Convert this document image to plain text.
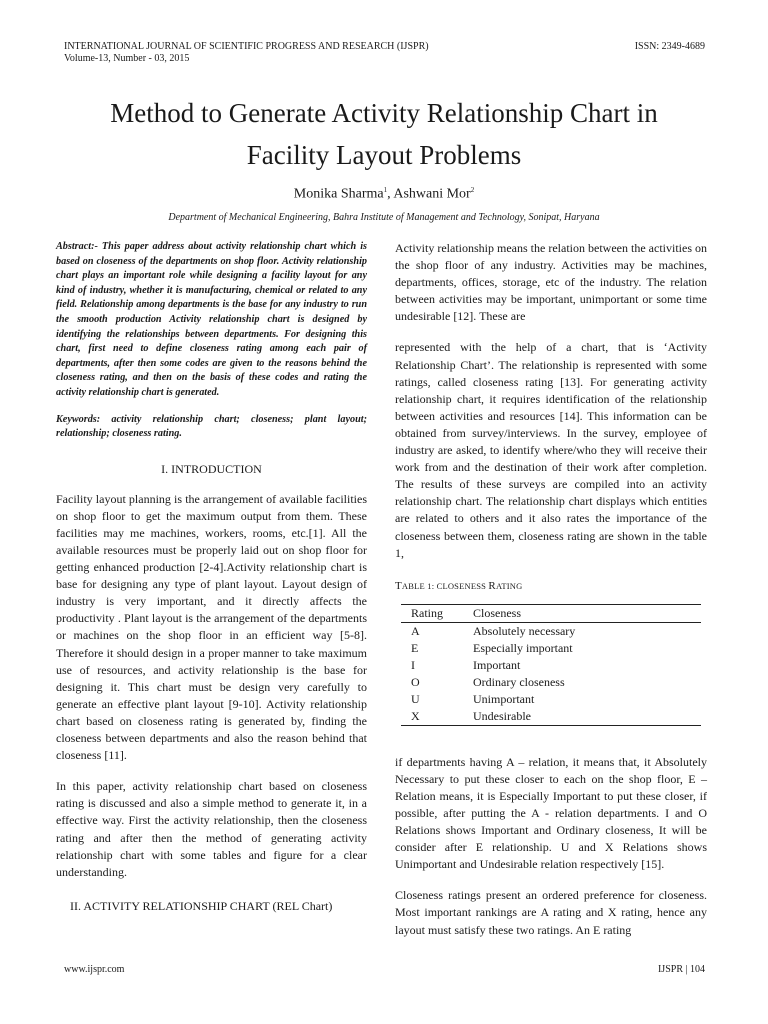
INTERNATIONAL JOURNAL OF SCIENTIFIC PROGRESS AND RESEARCH (IJSPR)
Volume-13, Number - 03, 2015
ISSN: 2349-4689
Method to Generate Activity Relationship Chart in
Facility Layout Problems
Monika Sharma$^1$, Ashwani Mor$^2$
Department of Mechanical Engineering, Bahra Institute of Management and Technology, Sonipat, Haryana

Abstract:- This paper address about activity relationship chart which is based on closeness of the departments on shop floor. Activity relationship chart plays an important role while designing a facility layout for any kind of industry, whether it is manufacturing, chemical or related to any field. Relationship among departments is the base for any industry to run the smooth production Activity relationship chart is designed by identifying the relationships between departments. For designing this chart, first need to define closeness rating among each pair of departments, after then some codes are given to the reasons behind the closeness rating, and then on the basis of these codes and rating the activity relationship chart is generated.

Keywords: activity relationship chart; closeness; plant layout; relationship; closeness rating.

I. INTRODUCTION

Facility layout planning is the arrangement of available facilities on shop floor to get the maximum output from them. These facilities may me machines, workers, rooms, etc.[1]. All the available resources must be properly laid out on shop floor for getting enhanced production [2-4].Activity relationship chart is base for designing any type of plant layout. Layout design of industry is very important, and it directly affects the productivity . Plant layout is the arrangement of the departments or machines on the shop floor in an efficient way [5-8]. Therefore it should design in a proper manner to take maximum use of resources, and activity relationship is the base for designing it. This chart must be design very carefully to generate an effective plant layout [9-10]. Activity relationship chart based on closeness rating is generated by, finding the closeness between departments and also the reason behind that closeness [11].

In this paper, activity relationship chart based on closeness rating is discussed and also a simple method to generate it, in a effective way. First the activity relationship, then the closeness rating and after then the method of generating activity relationship chart with some tables and figure for a clear understanding.

II. ACTIVITY RELATIONSHIP CHART (REL Chart)

Activity relationship means the relation between the activities on the shop floor of any industry. Activities may be machines, departments, offices, storage, etc of the industry. The relation between activities may be important, unimportant or some time undesirable [12]. These are

represented with the help of a chart, that is ‘Activity Relationship Chart’. The relationship is represented with some ratings, called closeness rating [13]. For generating activity relationship chart, it requires identification of the relationship between activities and resources [14]. This information can be obtained from survey/interviews. In the survey, employee of industry are asked, to identify where/who they will receive their work from and the destination of their work after completion. The results of these surveys are compiled into an activity relationship chart. The relationship chart displays which entities are related to others and it also rates the importance of the closeness between them, closeness rating are shown in the table 1,

TABLE 1: CLOSENESS RATING
Rating	Closeness
A	Absolutely necessary
E	Especially important
I	Important
O	Ordinary closeness
U	Unimportant
X	Undesirable

if departments having A – relation, it means that, it Absolutely Necessary to put these closer to each on the shop floor, E – Relation means, it is Especially Important to put these closer, if possible, after putting the A - relation departments. I and O Relations shows Important and Ordinary closeness, It will be consider after E relationship. U and X Relations shows Unimportant and Undesirable relation respectively [15].

Closeness ratings present an ordered preference for closeness. Most important rankings are A rating and X rating, hence any layout must satisfy these two ratings. An E rating

www.ijspr.com	IJSPR | 104
